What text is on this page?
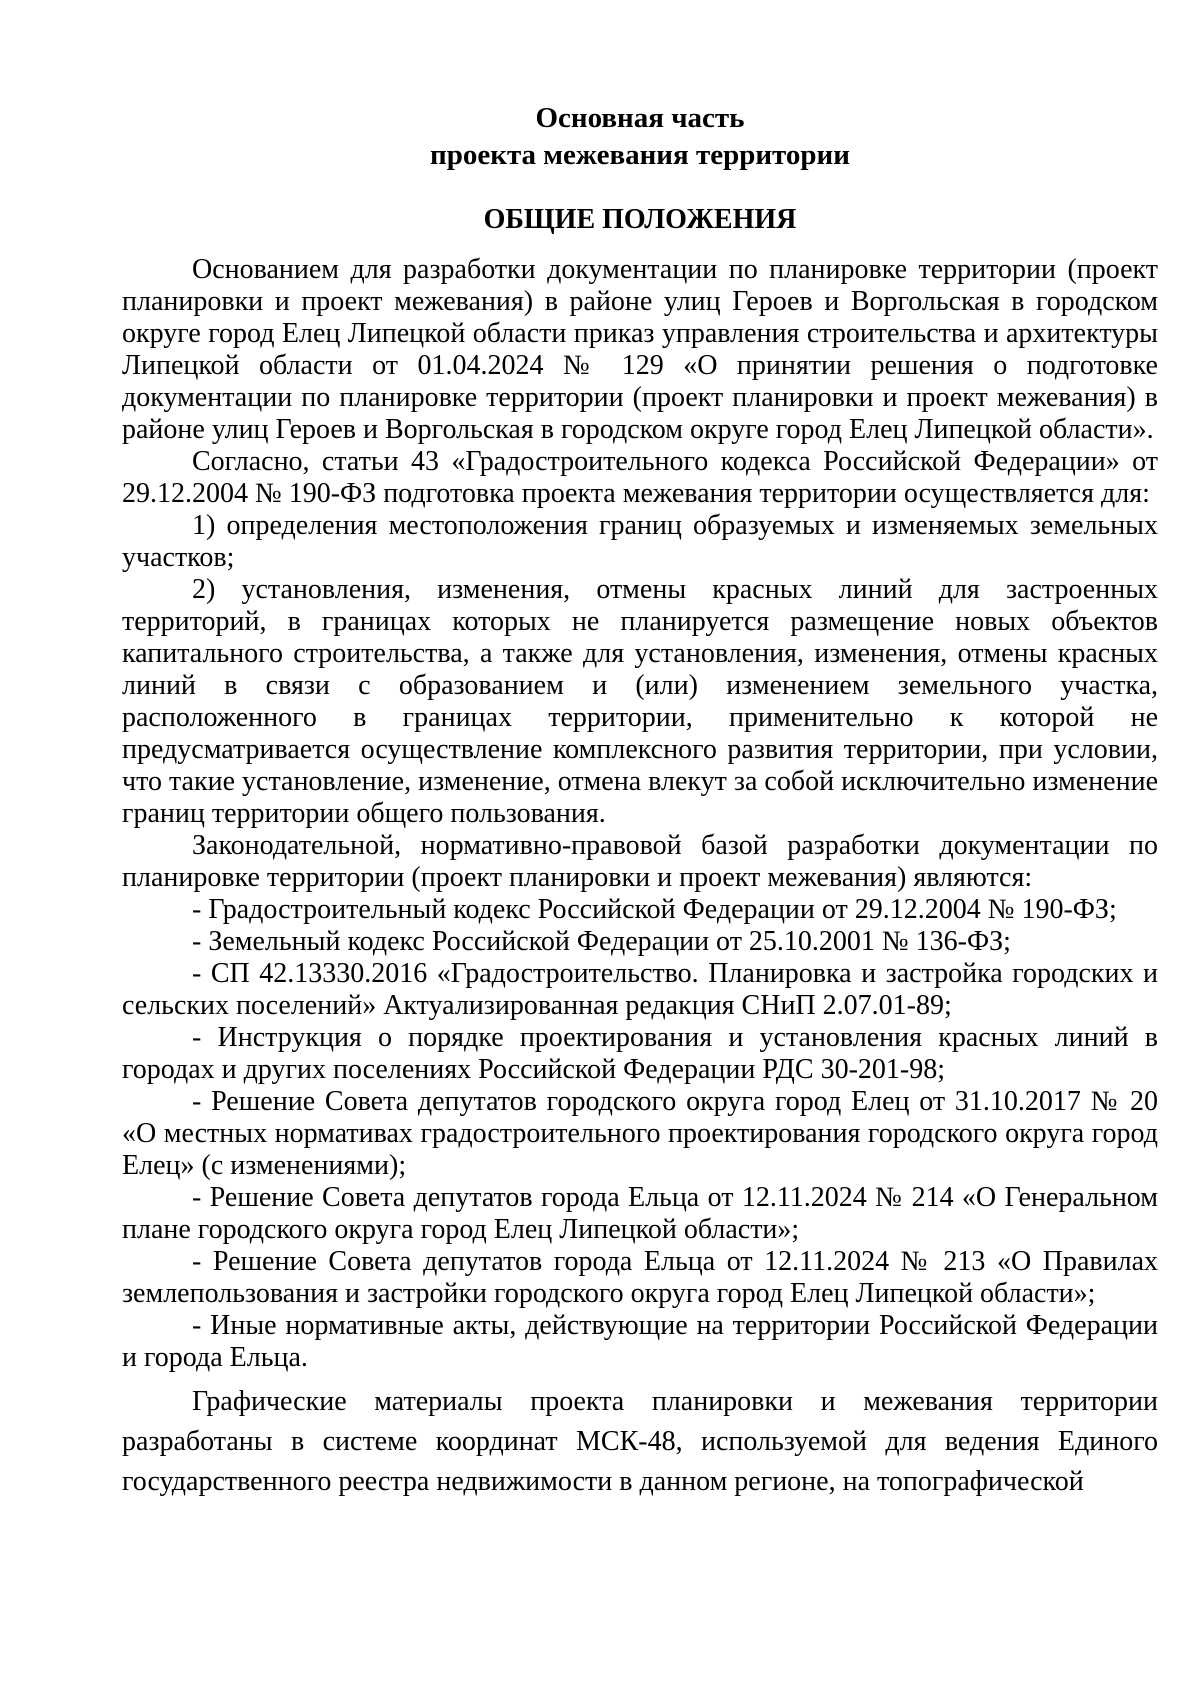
Основная часть

проекта межевания территории

ОБЩИЕ ПОЛОЖЕНИЯ

Основанием для разработки документации по планировке территории (проект планировки и проект межевания) в районе улиц Героев и Воргольская в городском округе город Елец Липецкой области приказ управления строительства и архитектуры Липецкой области от 01.04.2024 № 129 «О принятии решения о подготовке документации по планировке территории (проект планировки и проект межевания) в районе улиц Героев и Воргольская в городском округе город Елец Липецкой области».

Согласно, статьи 43 «Градостроительного кодекса Российской Федерации» от 29.12.2004 № 190-ФЗ подготовка проекта межевания территории осуществляется для:

1) определения местоположения границ образуемых и изменяемых земельных участков;

2) установления, изменения, отмены красных линий для застроенных территорий, в границах которых не планируется размещение новых объектов капитального строительства, а также для установления, изменения, отмены красных линий в связи с образованием и (или) изменением земельного участка, расположенного в границах территории, применительно к которой не предусматривается осуществление комплексного развития территории, при условии, что такие установление, изменение, отмена влекут за собой исключительно изменение границ территории общего пользования.

Законодательной, нормативно-правовой базой разработки документации по планировке территории (проект планировки и проект межевания) являются:

- Градостроительный кодекс Российской Федерации от 29.12.2004 № 190-ФЗ;

- Земельный кодекс Российской Федерации от 25.10.2001 № 136-ФЗ;

- СП 42.13330.2016 «Градостроительство. Планировка и застройка городских и сельских поселений» Актуализированная редакция СНиП 2.07.01-89;

- Инструкция о порядке проектирования и установления красных линий в городах и других поселениях Российской Федерации РДС 30-201-98;

- Решение Совета депутатов городского округа город Елец от 31.10.2017 № 20 «О местных нормативах градостроительного проектирования городского округа город Елец» (с изменениями);

- Решение Совета депутатов города Ельца от 12.11.2024 № 214 «О Генеральном плане городского округа город Елец Липецкой области»;

- Решение Совета депутатов города Ельца от 12.11.2024 № 213 «О Правилах землепользования и застройки городского округа город Елец Липецкой области»;

- Иные нормативные акты, действующие на территории Российской Федерации и города Ельца.

Графические материалы проекта планировки и межевания территории разработаны в системе координат МСК-48, используемой для ведения Единого государственного реестра недвижимости в данном регионе, на топографической
